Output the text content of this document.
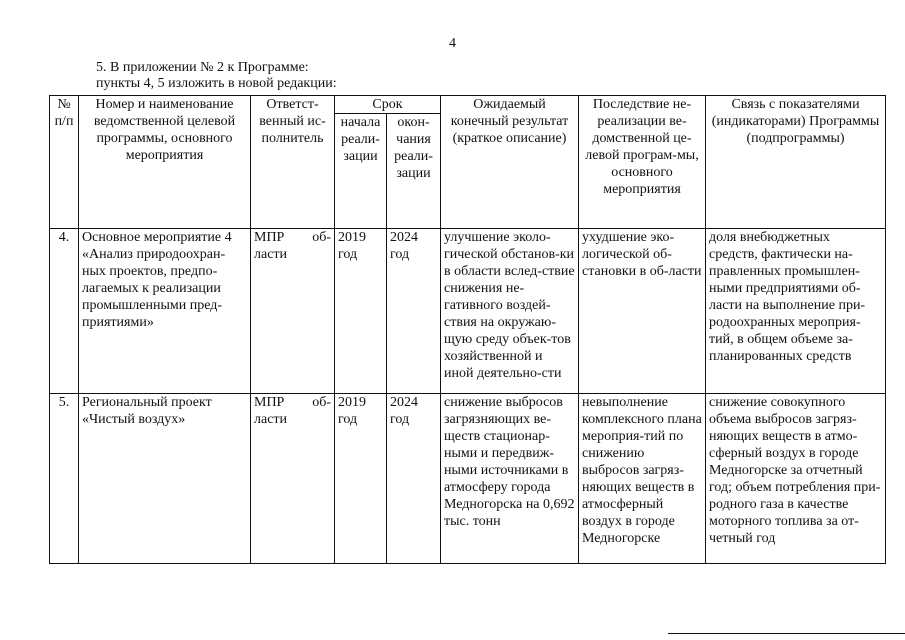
4
5. В приложении № 2 к Программе:
пункты 4, 5 изложить в новой редакции:
№ п/п	Номер и наименование ведомственной целевой программы, основного мероприятия	Ответст-венный ис-полнитель	Срок		Ожидаемый конечный результат (краткое описание)	Последствие не-реализации ве-домственной це-левой програм-мы, основного мероприятия	Связь с показателями (индикаторами) Программы (подпрограммы)
			начала реали-зации	окон-чания реали-зации			
4.	Основное мероприятие 4 «Анализ природоохран-ных проектов, предпо-лагаемых к реализации промышленными пред-приятиями»	МПР об-ласти	2019 год	2024 год	улучшение эколо-гической обстанов-ки в области вслед-ствие снижения не-гативного воздей-ствия на окружаю-щую среду объек-тов хозяйственной и иной деятельно-сти	ухудшение эко-логической об-становки в об-ласти	доля внебюджетных средств, фактически на-правленных промышлен-ными предприятиями об-ласти на выполнение при-родоохранных мероприя-тий, в общем объеме за-планированных средств
5.	Региональный проект «Чистый воздух»	МПР об-ласти	2019 год	2024 год	снижение выбросов загрязняющих ве-ществ стационар-ными и передвиж-ными источниками в атмосферу города Медногорска на 0,692 тыс. тонн	невыполнение комплексного плана мероприя-тий по снижению выбросов загряз-няющих веществ в атмосферный воздух в городе Медногорске	снижение совокупного объема выбросов загряз-няющих веществ в атмо-сферный воздух в городе Медногорске за отчетный год; объем потребления при-родного газа в качестве моторного топлива за от-четный год
